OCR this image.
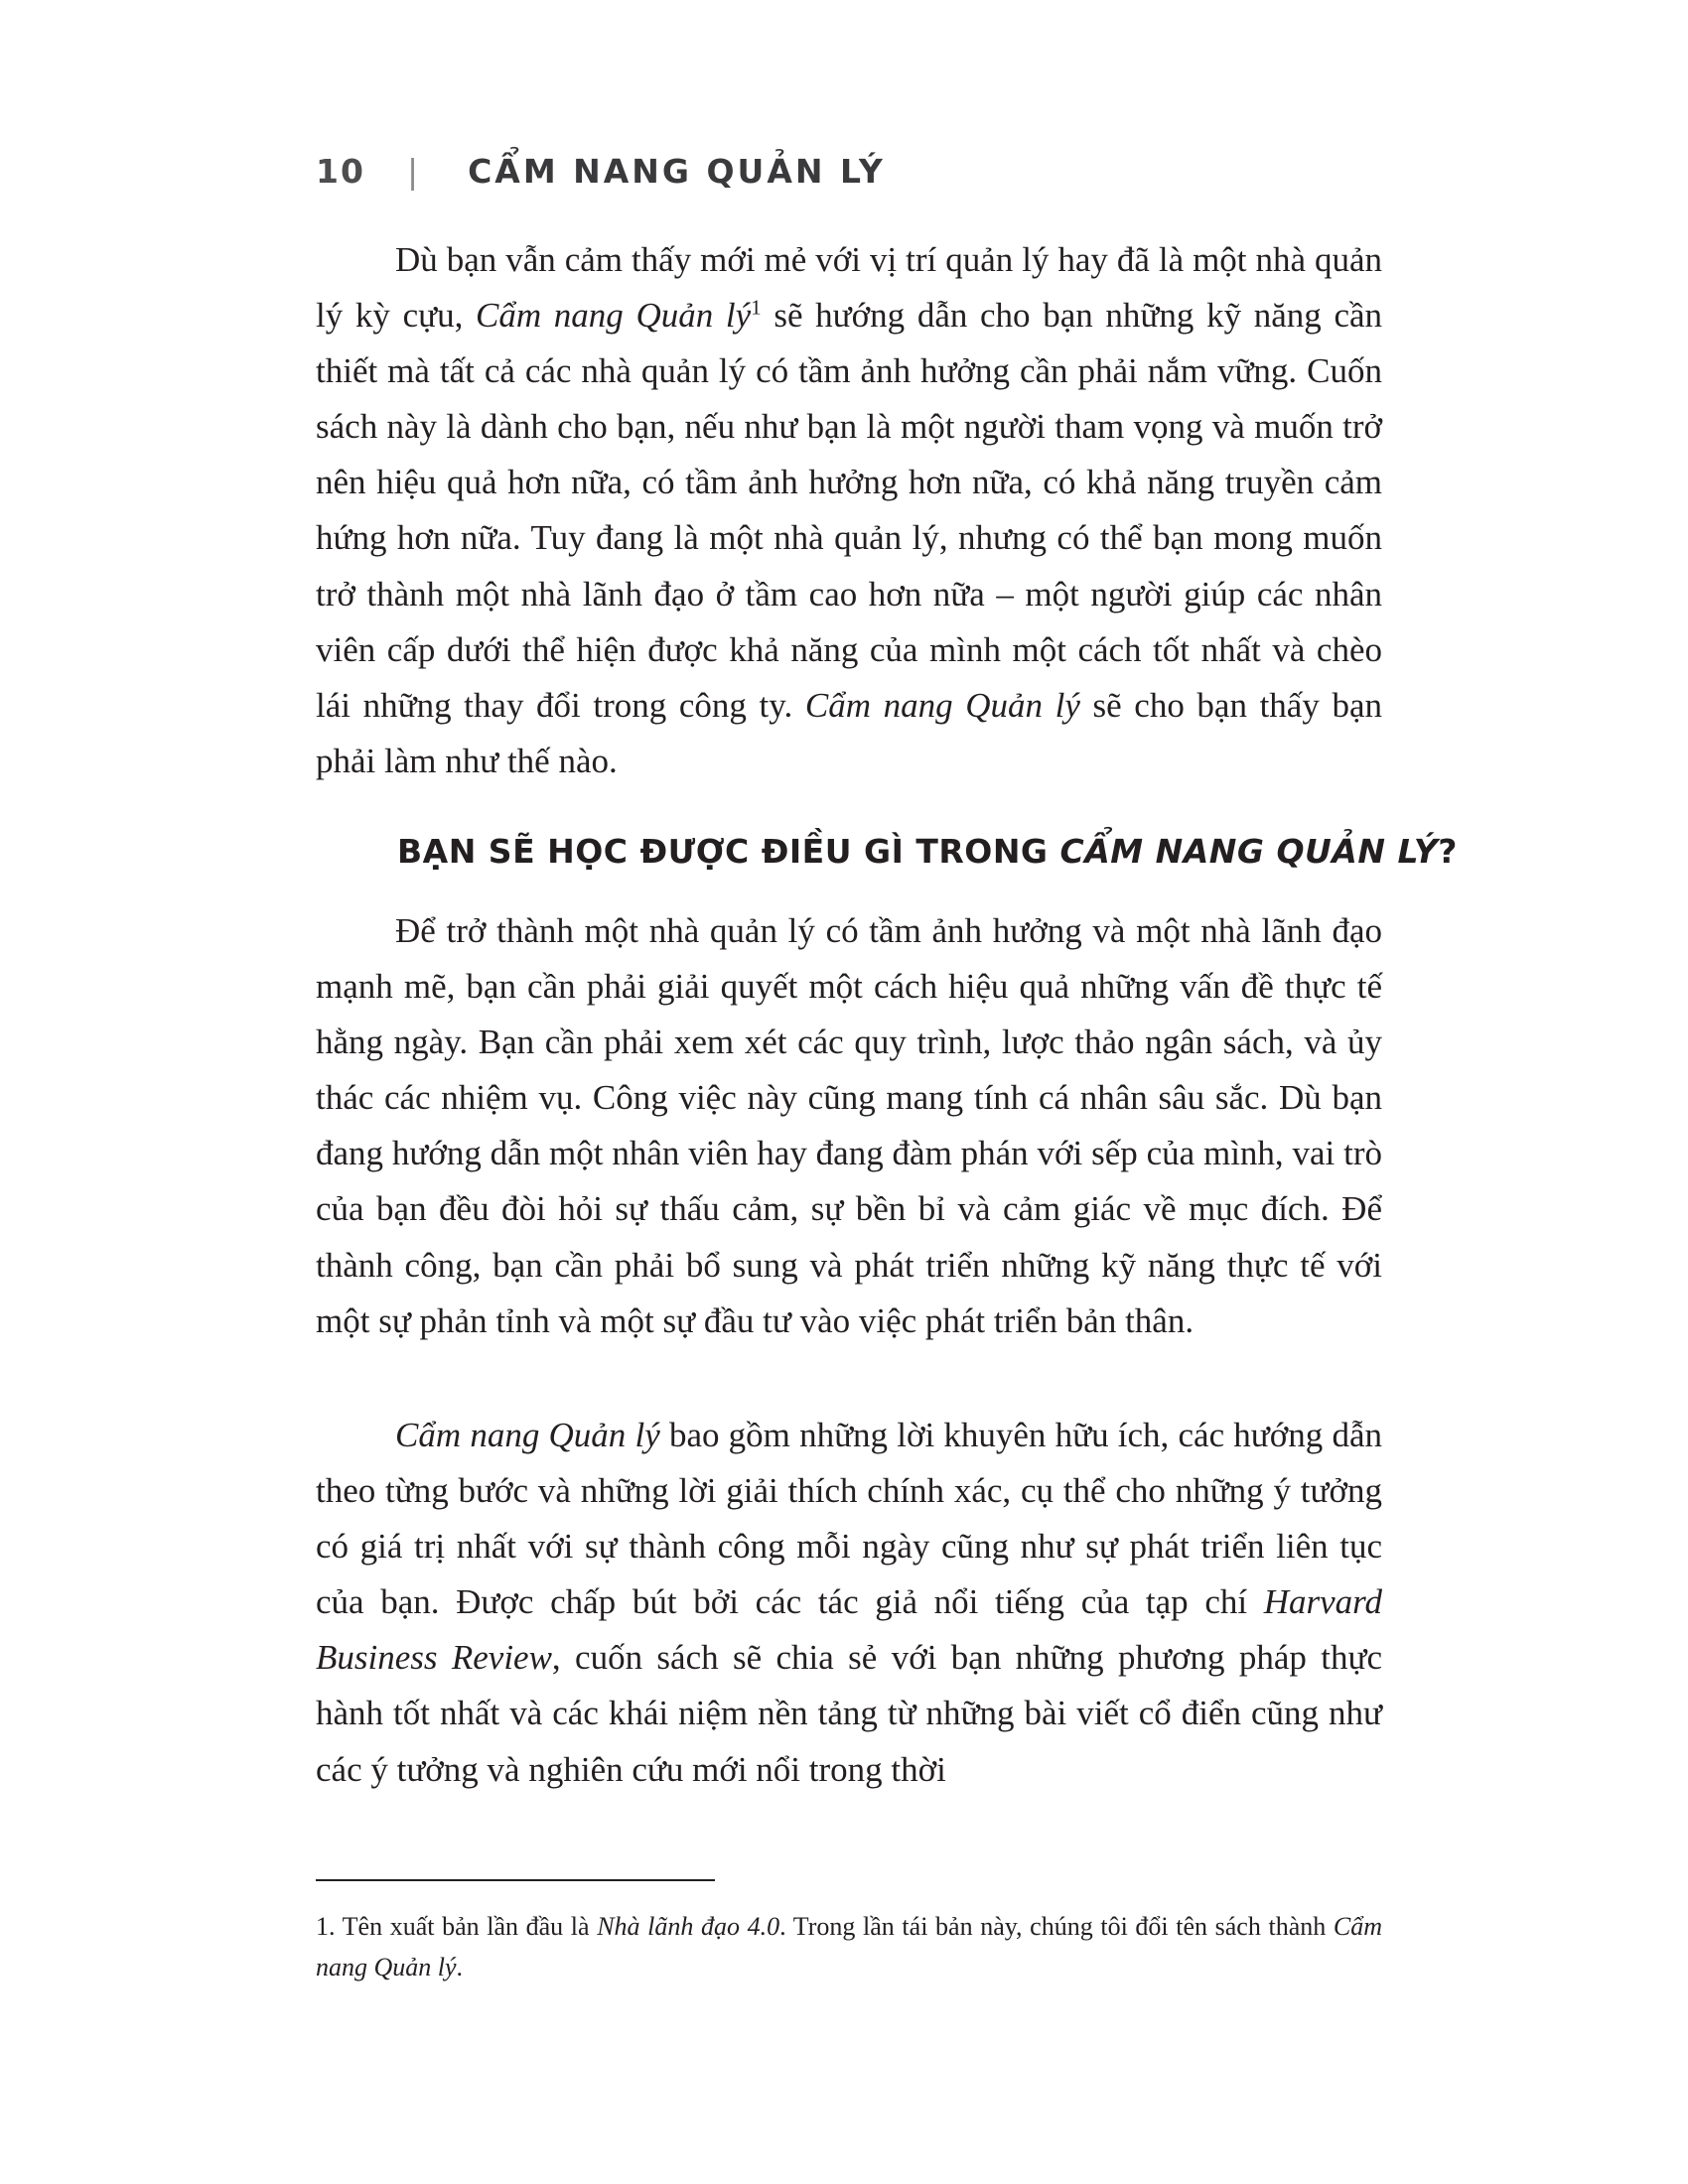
10 | CẨM NANG QUẢN LÝ

Dù bạn vẫn cảm thấy mới mẻ với vị trí quản lý hay đã là một nhà quản lý kỳ cựu, Cẩm nang Quản $lý^1$ sẽ hướng dẫn cho bạn những kỹ năng cần thiết mà tất cả các nhà quản lý có tầm ảnh hưởng cần phải nắm vững. Cuốn sách này là dành cho bạn, nếu như bạn là một người tham vọng và muốn trở nên hiệu quả hơn nữa, có tầm ảnh hưởng hơn nữa, có khả năng truyền cảm hứng hơn nữa. Tuy đang là một nhà quản lý, nhưng có thể bạn mong muốn trở thành một nhà lãnh đạo ở tầm cao hơn nữa – một người giúp các nhân viên cấp dưới thể hiện được khả năng của mình một cách tốt nhất và chèo lái những thay đổi trong công ty. Cẩm nang Quản lý sẽ cho bạn thấy bạn phải làm như thế nào.

BẠN SẼ HỌC ĐƯỢC ĐIỀU GÌ TRONG CẨM NANG QUẢN LÝ?

Để trở thành một nhà quản lý có tầm ảnh hưởng và một nhà lãnh đạo mạnh mẽ, bạn cần phải giải quyết một cách hiệu quả những vấn đề thực tế hằng ngày. Bạn cần phải xem xét các quy trình, lược thảo ngân sách, và ủy thác các nhiệm vụ. Công việc này cũng mang tính cá nhân sâu sắc. Dù bạn đang hướng dẫn một nhân viên hay đang đàm phán với sếp của mình, vai trò của bạn đều đòi hỏi sự thấu cảm, sự bền bỉ và cảm giác về mục đích. Để thành công, bạn cần phải bổ sung và phát triển những kỹ năng thực tế với một sự phản tỉnh và một sự đầu tư vào việc phát triển bản thân.

Cẩm nang Quản lý bao gồm những lời khuyên hữu ích, các hướng dẫn theo từng bước và những lời giải thích chính xác, cụ thể cho những ý tưởng có giá trị nhất với sự thành công mỗi ngày cũng như sự phát triển liên tục của bạn. Được chấp bút bởi các tác giả nổi tiếng của tạp chí Harvard Business Review, cuốn sách sẽ chia sẻ với bạn những phương pháp thực hành tốt nhất và các khái niệm nền tảng từ những bài viết cổ điển cũng như các ý tưởng và nghiên cứu mới nổi trong thời

1. Tên xuất bản lần đầu là Nhà lãnh đạo 4.0. Trong lần tái bản này, chúng tôi đổi tên sách thành Cẩm nang Quản lý.
